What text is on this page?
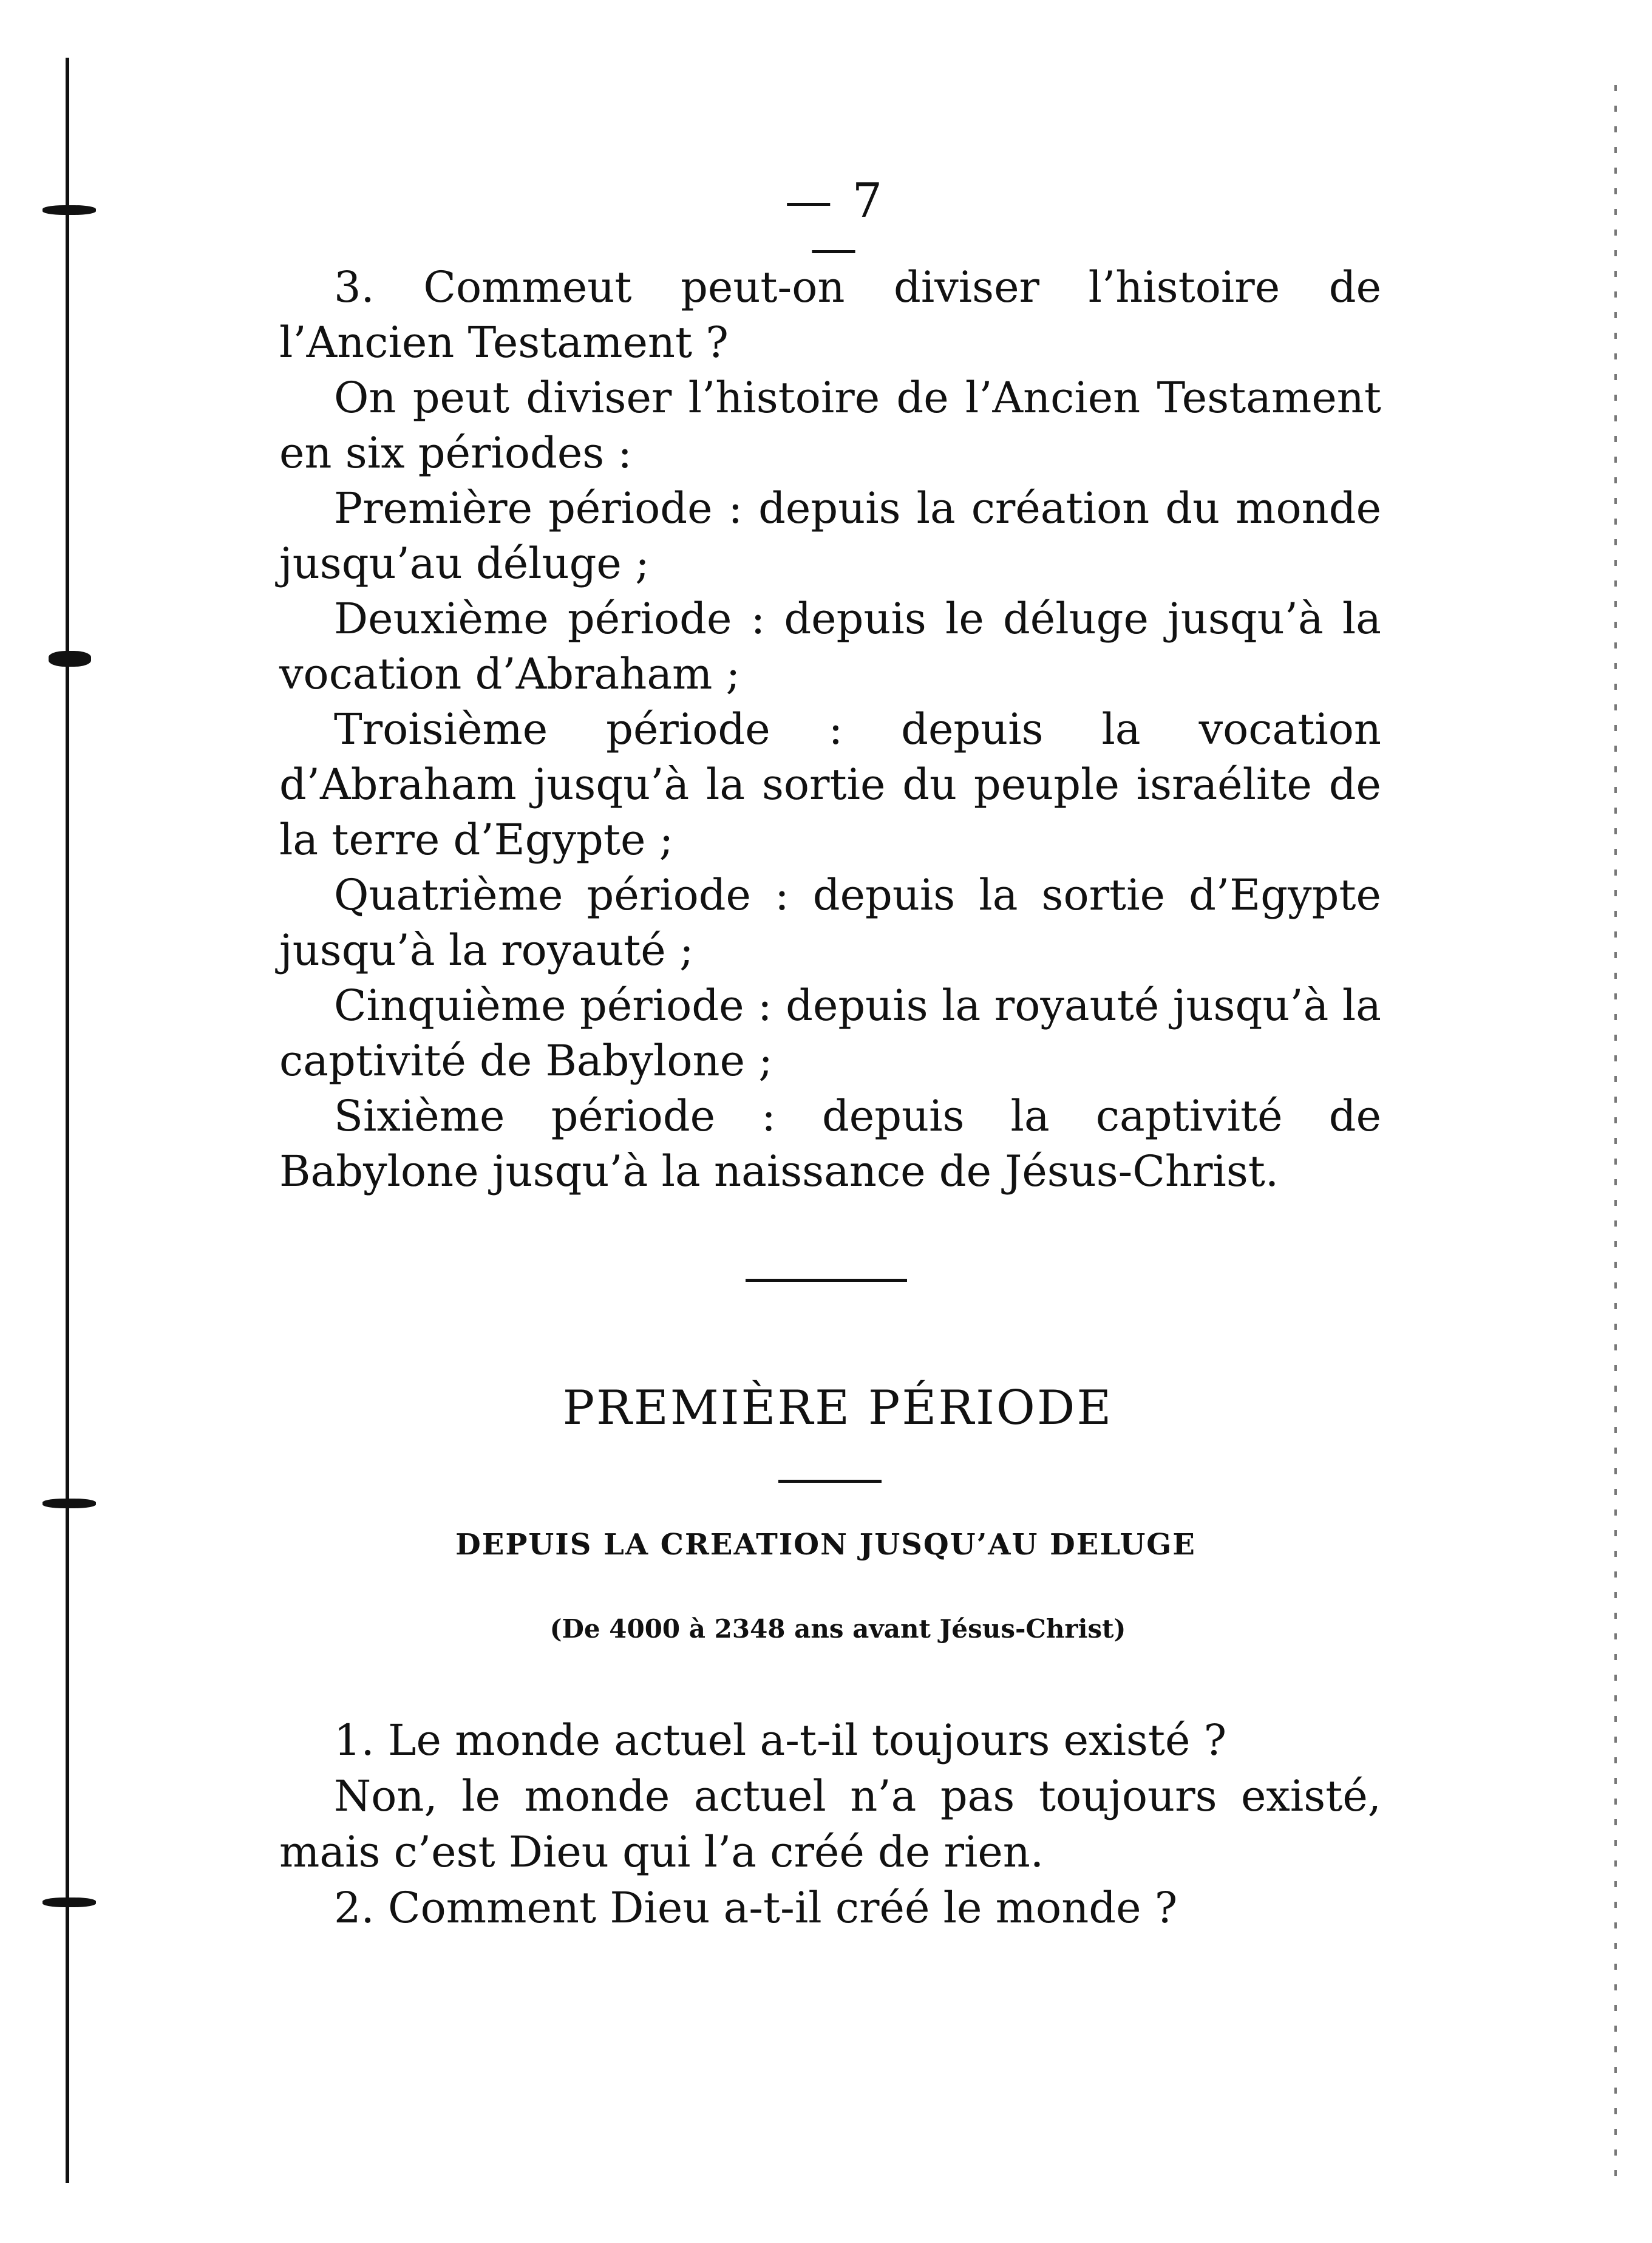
— 7 —

3. Commeut peut-on diviser l’histoire de l’Ancien Testament ?

On peut diviser l’histoire de l’Ancien Testament en six périodes :

Première période : depuis la création du monde jusqu’au déluge ;

Deuxième période : depuis le déluge jusqu’à la vocation d’Abraham ;

Troisième période : depuis la vocation d’Abraham jusqu’à la sortie du peuple israélite de la terre d’Egypte ;

Quatrième période : depuis la sortie d’Egypte jusqu’à la royauté ;

Cinquième période : depuis la royauté jusqu’à la captivité de Babylone ;

Sixième période : depuis la captivité de Babylone jusqu’à la naissance de Jésus-Christ.

PREMIÈRE PÉRIODE
DEPUIS LA CREATION JUSQU’AU DELUGE
(De 4000 à 2348 ans avant Jésus-Christ)

1. Le monde actuel a-t-il toujours existé ?

Non, le monde actuel n’a pas toujours existé, mais c’est Dieu qui l’a créé de rien.

2. Comment Dieu a-t-il créé le monde ?
